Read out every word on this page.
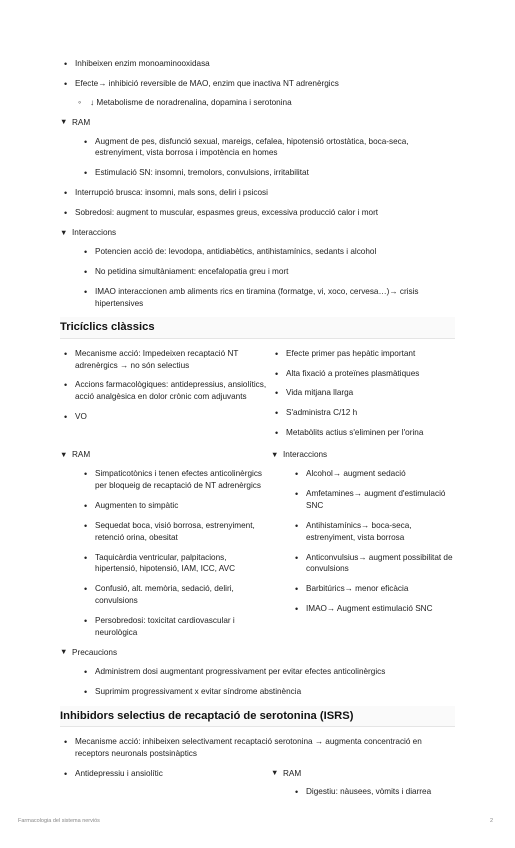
• Inhibeixen enzim monoaminooxidasa
• Efecte→ inhibició reversible de MAO, enzim que inactiva NT adrenèrgics
◦ ↓ Metabolisme de noradrenalina, dopamina i serotonina
▼ RAM
• Augment de pes, disfunció sexual, mareigs, cefalea, hipotensió ortostàtica, boca-seca, estrenyiment, vista borrosa i impotència en homes
• Estimulació SN: insomni, tremolors, convulsions, irritabilitat
• Interrupció brusca: insomni, mals sons, deliri i psicosi
• Sobredosi: augment to muscular, espasmes greus, excessiva producció calor i mort
▼ Interaccions
• Potencien acció de: levodopa, antidiabètics, antihistamínics, sedants i alcohol
• No petidina simultàniament: encefalopatia greu i mort
• IMAO interaccionen amb aliments rics en tiramina (formatge, vi, xoco, cervesa…)→ crisis hipertensives
Tricíclics clàssics
• Mecanisme acció: Impedeixen recaptació NT adrenèrgics → no són selectius
• Accions farmacològiques: antidepressius, ansiolítics, acció analgèsica en dolor crònic com adjuvants
• VO
• Efecte primer pas hepàtic important
• Alta fixació a proteïnes plasmàtiques
• Vida mitjana llarga
• S'administra C/12 h
• Metabòlits actius s'eliminen per l'orina
▼ RAM
• Simpaticotònics i tenen efectes anticolinèrgics per bloqueig de recaptació de NT adrenèrgics
• Augmenten to simpàtic
• Sequedat boca, visió borrosa, estrenyiment, retenció orina, obesitat
• Taquicàrdia ventricular, palpitacions, hipertensió, hipotensió, IAM, ICC, AVC
• Confusió, alt. memòria, sedació, deliri, convulsions
• Persobredosi: toxicitat cardiovascular i neurològica
▼ Interaccions
• Alcohol→ augment sedació
• Amfetamines→ augment d'estimulació SNC
• Antihistamínics→ boca-seca, estrenyiment, vista borrosa
• Anticonvulsius→ augment possibilitat de convulsions
• Barbitúrics→ menor eficàcia
• IMAO→ Augment estimulació SNC
▼ Precaucions
• Administrem dosi augmentant progressivament per evitar efectes anticolinèrgics
• Suprimim progressivament x evitar síndrome abstinència
Inhibidors selectius de recaptació de serotonina (ISRS)
• Mecanisme acció: inhibeixen selectivament recaptació serotonina → augmenta concentració en receptors neuronals postsinàptics
• Antidepressiu i ansiolític	▼ RAM
• Digestiu: nàusees, vòmits i diarrea
Farmacologia del sistema nerviós	2
